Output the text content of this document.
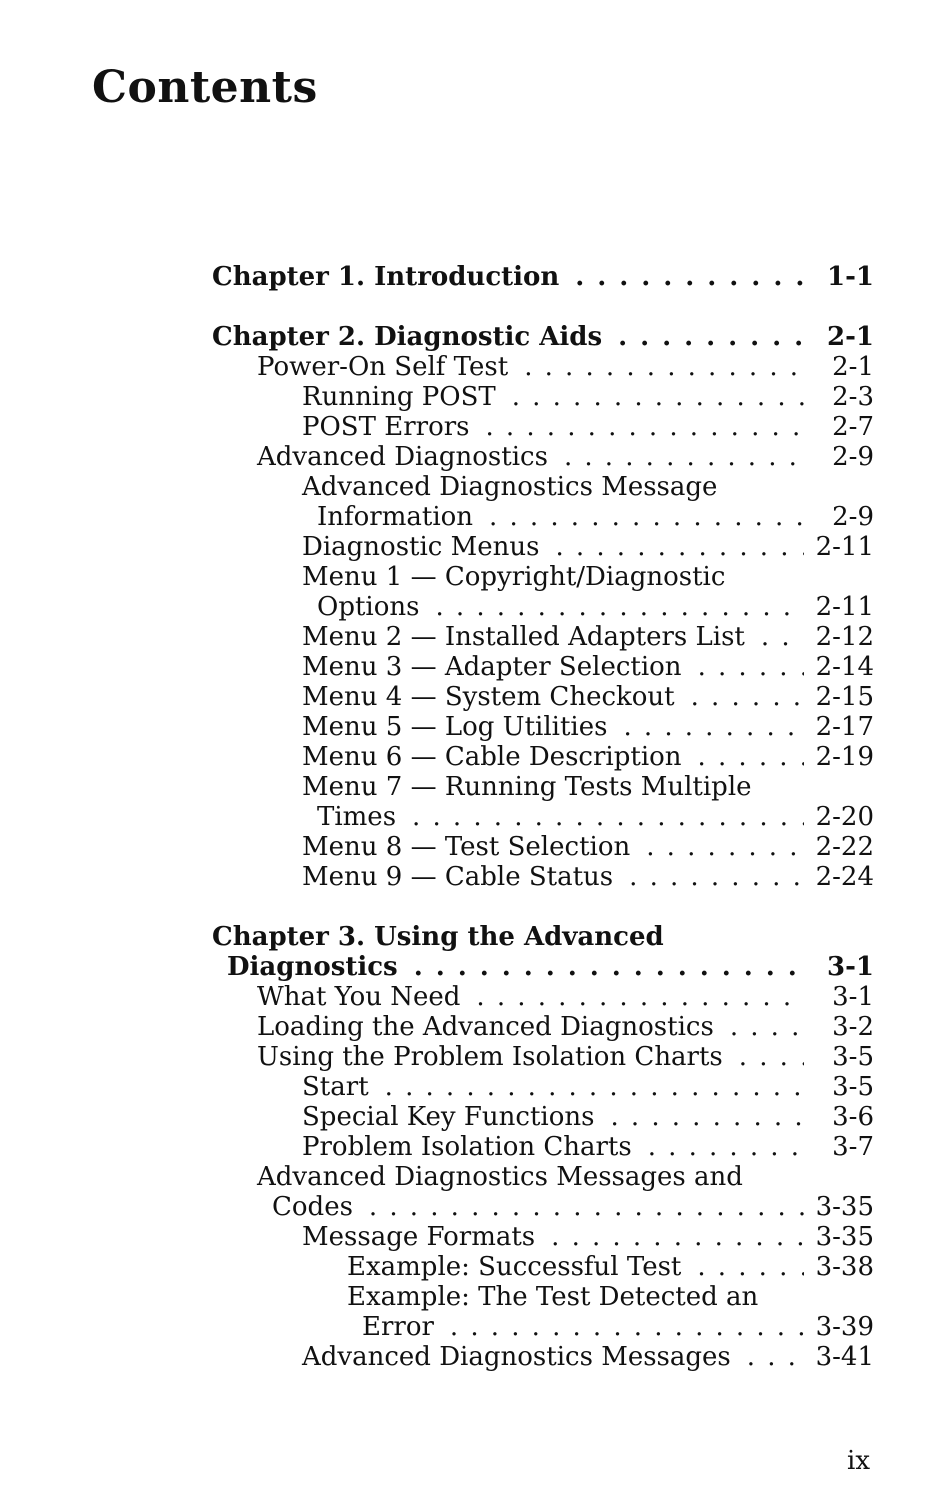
Contents
Chapter 1. Introduction . . .	1-1
Chapter 2. Diagnostic Aids . . .	2-1
Power-On Self Test . . .	2-1
Running POST . . .	2-3
POST Errors . . .	2-7
Advanced Diagnostics . . .	2-9
Advanced Diagnostics Message
Information . . .	2-9
Diagnostic Menus . . .	2-11
Menu 1 — Copyright/Diagnostic
Options . . .	2-11
Menu 2 — Installed Adapters List . . .	2-12
Menu 3 — Adapter Selection . . .	2-14
Menu 4 — System Checkout . . .	2-15
Menu 5 — Log Utilities . . .	2-17
Menu 6 — Cable Description . . .	2-19
Menu 7 — Running Tests Multiple
Times . . .	2-20
Menu 8 — Test Selection . . .	2-22
Menu 9 — Cable Status . . .	2-24
Chapter 3. Using the Advanced
Diagnostics . . .	3-1
What You Need . . .	3-1
Loading the Advanced Diagnostics . . .	3-2
Using the Problem Isolation Charts . . .	3-5
Start . . .	3-5
Special Key Functions . . .	3-6
Problem Isolation Charts . . .	3-7
Advanced Diagnostics Messages and
Codes . . .	3-35
Message Formats . . .	3-35
Example: Successful Test . . .	3-38
Example: The Test Detected an
Error . . .	3-39
Advanced Diagnostics Messages . . .	3-41
ix
